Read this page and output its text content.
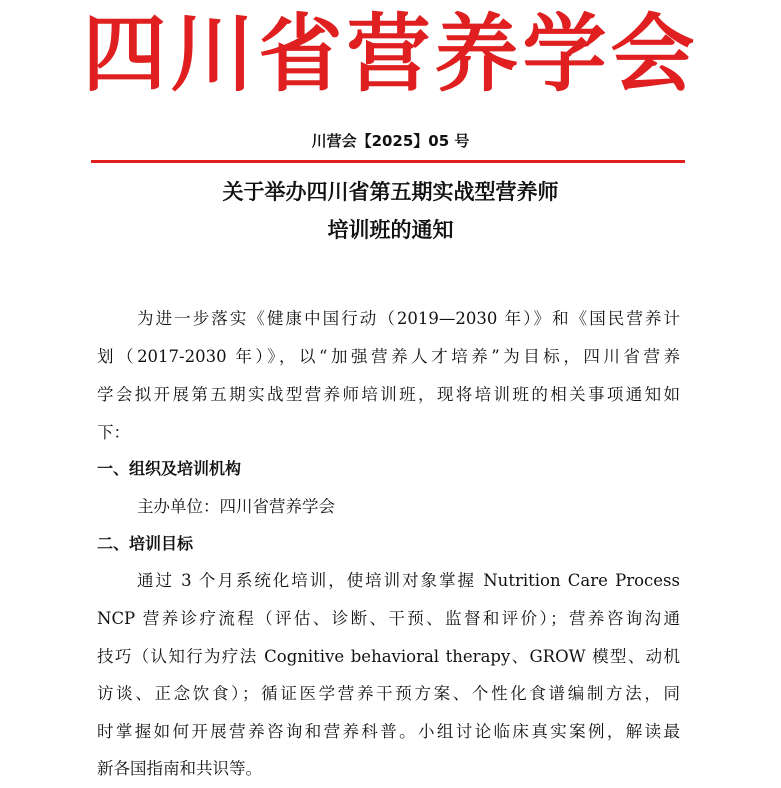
四川省营养学会
川营会【2025】05 号
关于举办四川省第五期实战型营养师
培训班的通知
为进一步落实《健康中国行动（2019—2030 年）》和《国民营养计
划（2017-2030 年）》，以“加强营养人才培养”为目标，四川省营养
学会拟开展第五期实战型营养师培训班，现将培训班的相关事项通知如
下：
一、组织及培训机构
主办单位：四川省营养学会
二、培训目标
通过 3 个月系统化培训，使培训对象掌握 Nutrition Care Process
NCP 营养诊疗流程（评估、诊断、干预、监督和评价）；营养咨询沟通
技巧（认知行为疗法 Cognitive behavioral therapy、GROW 模型、动机
访谈、正念饮食）；循证医学营养干预方案、个性化食谱编制方法，同
时掌握如何开展营养咨询和营养科普。小组讨论临床真实案例，解读最
新各国指南和共识等。
